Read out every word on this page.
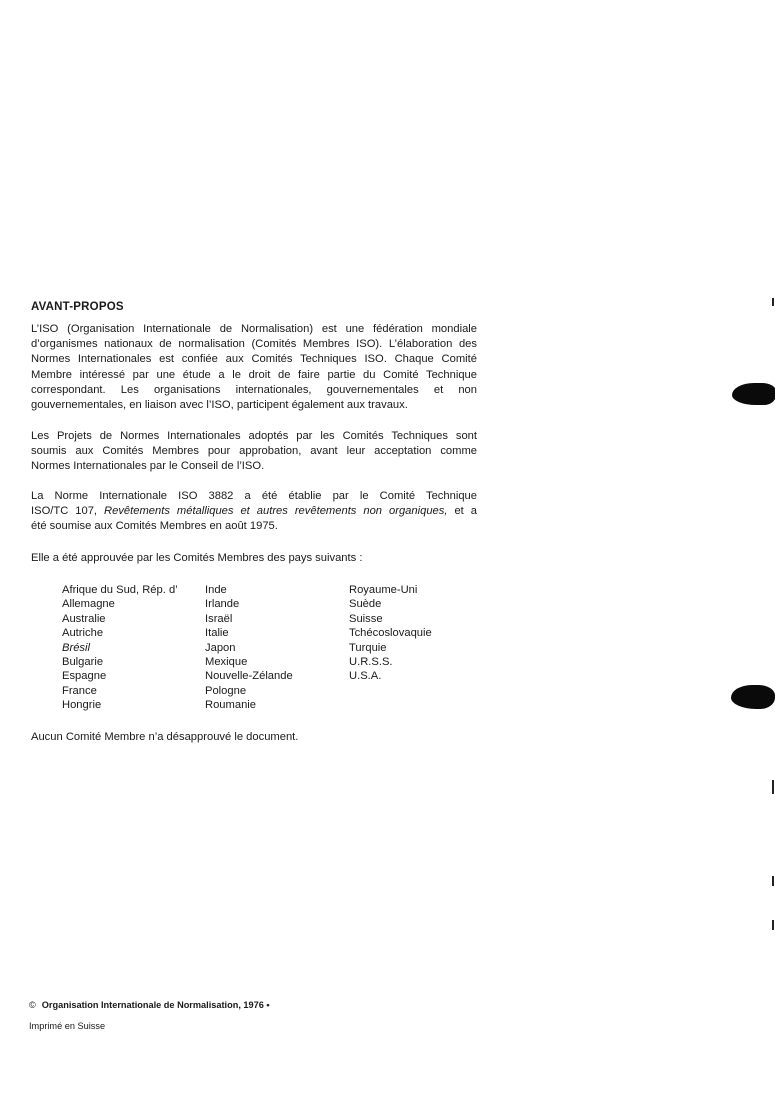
AVANT-PROPOS

L’ISO (Organisation Internationale de Normalisation) est une fédération mondiale
d’organismes nationaux de normalisation (Comités Membres ISO). L’élaboration des
Normes Internationales est confiée aux Comités Techniques ISO. Chaque Comité
Membre intéressé par une étude a le droit de faire partie du Comité Technique
correspondant. Les organisations internationales, gouvernementales et non
gouvernementales, en liaison avec l’ISO, participent également aux travaux.

Les Projets de Normes Internationales adoptés par les Comités Techniques sont
soumis aux Comités Membres pour approbation, avant leur acceptation comme
Normes Internationales par le Conseil de l’ISO.

La Norme Internationale ISO 3882 a été établie par le Comité Technique
ISO/TC 107, Revêtements métalliques et autres revêtements non organiques, et a
été soumise aux Comités Membres en août 1975.

Elle a été approuvée par les Comités Membres des pays suivants :

Afrique du Sud, Rép. d’
Allemagne
Australie
Autriche
Brésil
Bulgarie
Espagne
France
Hongrie
Inde
Irlande
Israël
Italie
Japon
Mexique
Nouvelle-Zélande
Pologne
Roumanie
Royaume-Uni
Suède
Suisse
Tchécoslovaquie
Turquie
U.R.S.S.
U.S.A.

Aucun Comité Membre n’a désapprouvé le document.

© Organisation Internationale de Normalisation, 1976 •
Imprimé en Suisse
